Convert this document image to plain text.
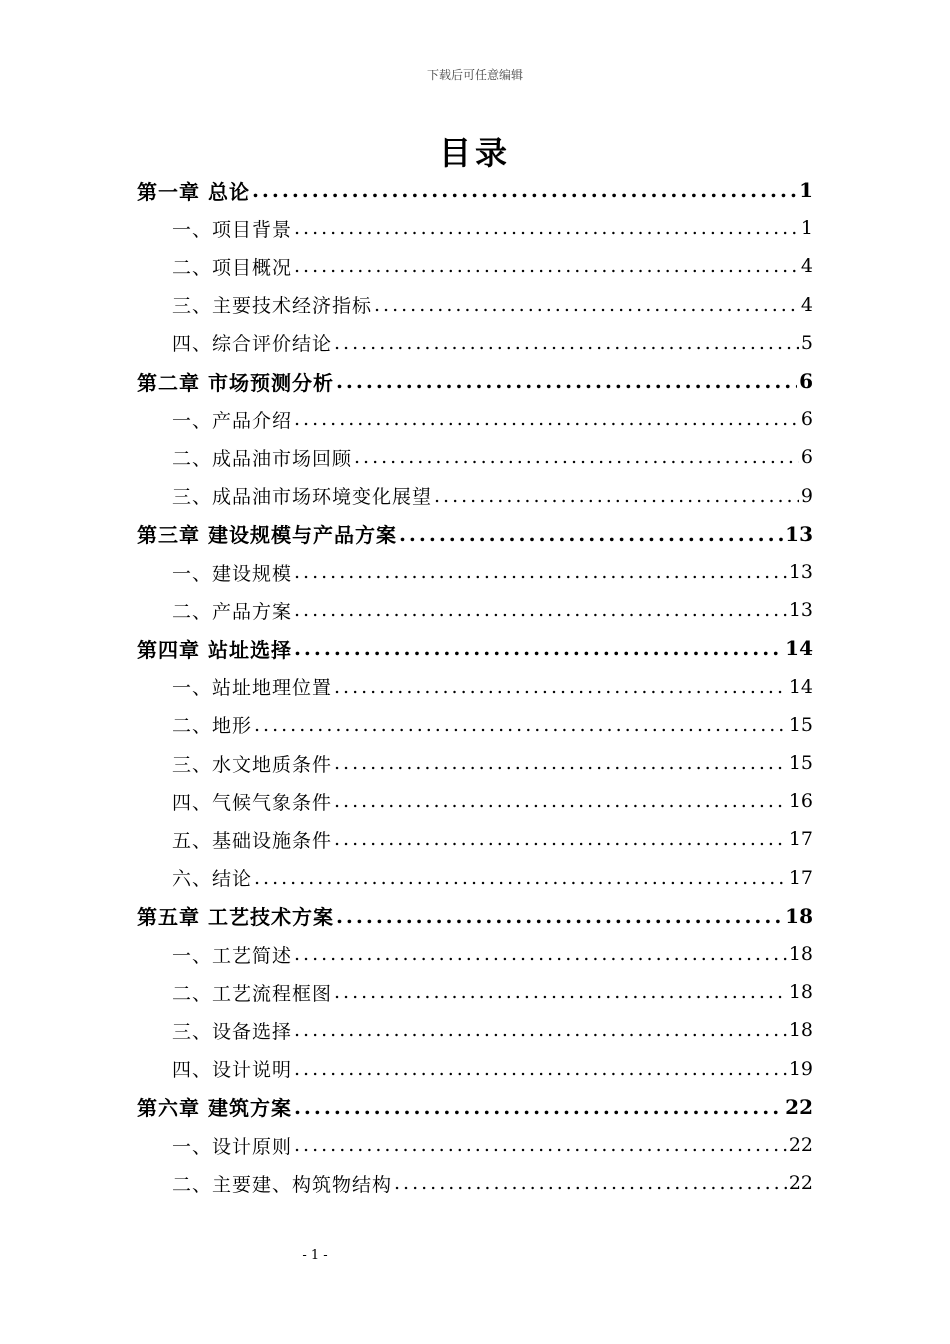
下载后可任意编辑
目录
第一章 总论 .....	1
一、项目背景 .....	1
二、项目概况 .....	4
三、主要技术经济指标 .....	4
四、综合评价结论 .....	5
第二章 市场预测分析 .....	6
一、产品介绍 .....	6
二、成品油市场回顾 .....	6
三、成品油市场环境变化展望 .....	9
第三章 建设规模与产品方案 .....	13
一、建设规模 .....	13
二、产品方案 .....	13
第四章 站址选择 .....	14
一、站址地理位置 .....	14
二、地形 .....	15
三、水文地质条件 .....	15
四、气候气象条件 .....	16
五、基础设施条件 .....	17
六、结论 .....	17
第五章 工艺技术方案 .....	18
一、工艺简述 .....	18
二、工艺流程框图 .....	18
三、设备选择 .....	18
四、设计说明 .....	19
第六章 建筑方案 .....	22
一、设计原则 .....	22
二、主要建、构筑物结构 .....	22
- 1 -
